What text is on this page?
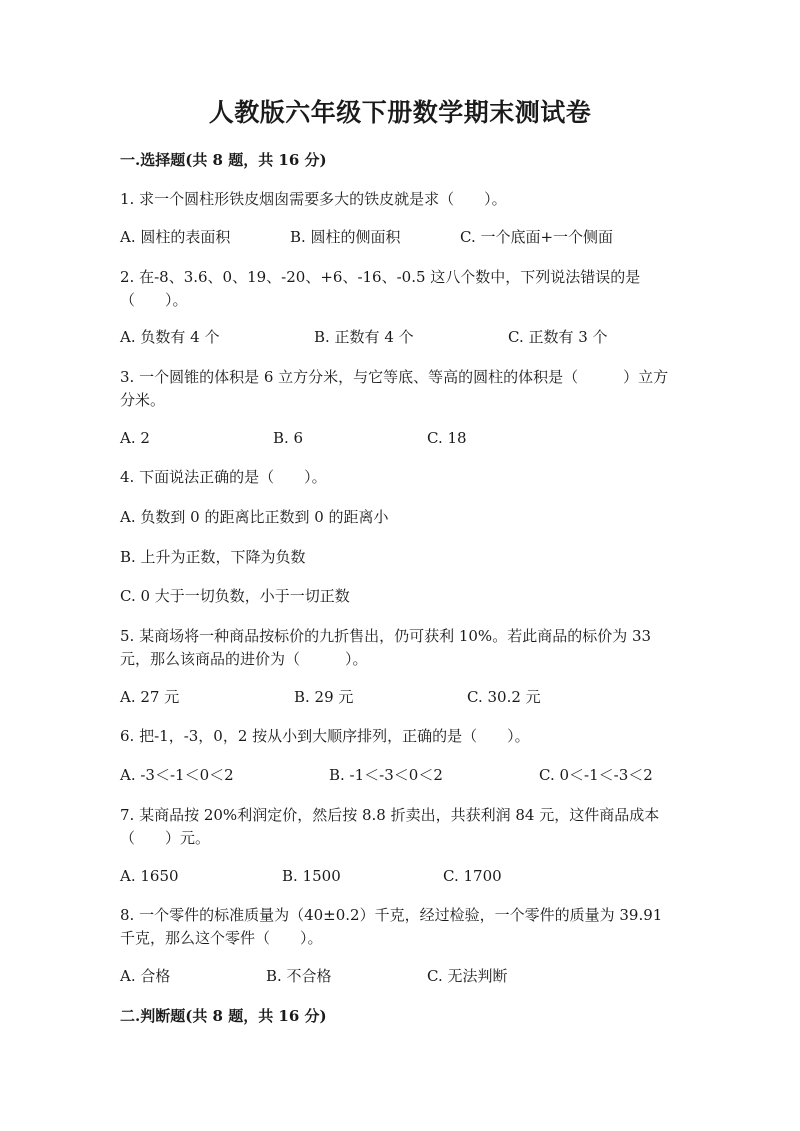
人教版六年级下册数学期末测试卷
一.选择题(共 8 题，共 16 分)
1. 求一个圆柱形铁皮烟囱需要多大的铁皮就是求（　　）。
A. 圆柱的表面积	B. 圆柱的侧面积	C. 一个底面+一个侧面
2. 在-8、3.6、0、19、-20、+6、-16、-0.5 这八个数中，下列说法错误的是（　　）。
A. 负数有 4 个	B. 正数有 4 个	C. 正数有 3 个
3. 一个圆锥的体积是 6 立方分米，与它等底、等高的圆柱的体积是（　　　）立方分米。
A. 2	B. 6	C. 18
4. 下面说法正确的是（　　）。
A. 负数到 0 的距离比正数到 0 的距离小
B. 上升为正数，下降为负数
C. 0 大于一切负数，小于一切正数
5. 某商场将一种商品按标价的九折售出，仍可获利 10%。若此商品的标价为 33 元，那么该商品的进价为（　　　）。
A. 27 元	B. 29 元	C. 30.2 元
6. 把-1，-3，0，2 按从小到大顺序排列，正确的是（　　）。
A. -3＜-1＜0＜2	B. -1＜-3＜0＜2	C. 0＜-1＜-3＜2
7. 某商品按 20%利润定价，然后按 8.8 折卖出，共获利润 84 元，这件商品成本（　　）元。
A. 1650	B. 1500	C. 1700
8. 一个零件的标准质量为（40±0.2）千克，经过检验，一个零件的质量为 39.91 千克，那么这个零件（　　）。
A. 合格	B. 不合格	C. 无法判断
二.判断题(共 8 题，共 16 分)
